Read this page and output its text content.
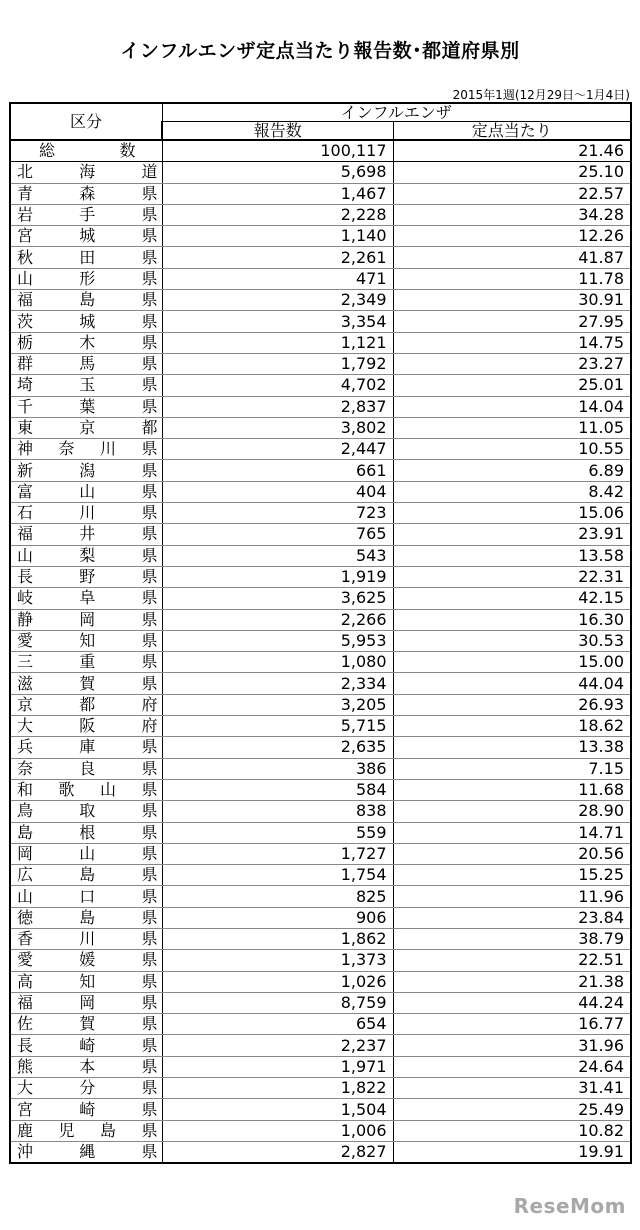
インフルエンザ定点当たり報告数･都道府県別
2015年1週(12月29日～1月4日)
区分	インフルエンザ	
	報告数	定点当たり

総 数	100,117	21.46

北 海 道	5,698	25.10

青 森 県	1,467	22.57

岩 手 県	2,228	34.28

宮 城 県	1,140	12.26

秋 田 県	2,261	41.87

山 形 県	471	11.78

福 島 県	2,349	30.91

茨 城 県	3,354	27.95

栃 木 県	1,121	14.75

群 馬 県	1,792	23.27

埼 玉 県	4,702	25.01

千 葉 県	2,837	14.04

東 京 都	3,802	11.05

神 奈 川 県	2,447	10.55

新 潟 県	661	6.89

富 山 県	404	8.42

石 川 県	723	15.06

福 井 県	765	23.91

山 梨 県	543	13.58

長 野 県	1,919	22.31

岐 阜 県	3,625	42.15

静 岡 県	2,266	16.30

愛 知 県	5,953	30.53

三 重 県	1,080	15.00

滋 賀 県	2,334	44.04

京 都 府	3,205	26.93

大 阪 府	5,715	18.62

兵 庫 県	2,635	13.38

奈 良 県	386	7.15

和 歌 山 県	584	11.68

鳥 取 県	838	28.90

島 根 県	559	14.71

岡 山 県	1,727	20.56

広 島 県	1,754	15.25

山 口 県	825	11.96

徳 島 県	906	23.84

香 川 県	1,862	38.79

愛 媛 県	1,373	22.51

高 知 県	1,026	21.38

福 岡 県	8,759	44.24

佐 賀 県	654	16.77

長 崎 県	2,237	31.96

熊 本 県	1,971	24.64

大 分 県	1,822	31.41

宮 崎 県	1,504	25.49

鹿 児 島 県	1,006	10.82

沖 縄 県	2,827	19.91
ReseMom
